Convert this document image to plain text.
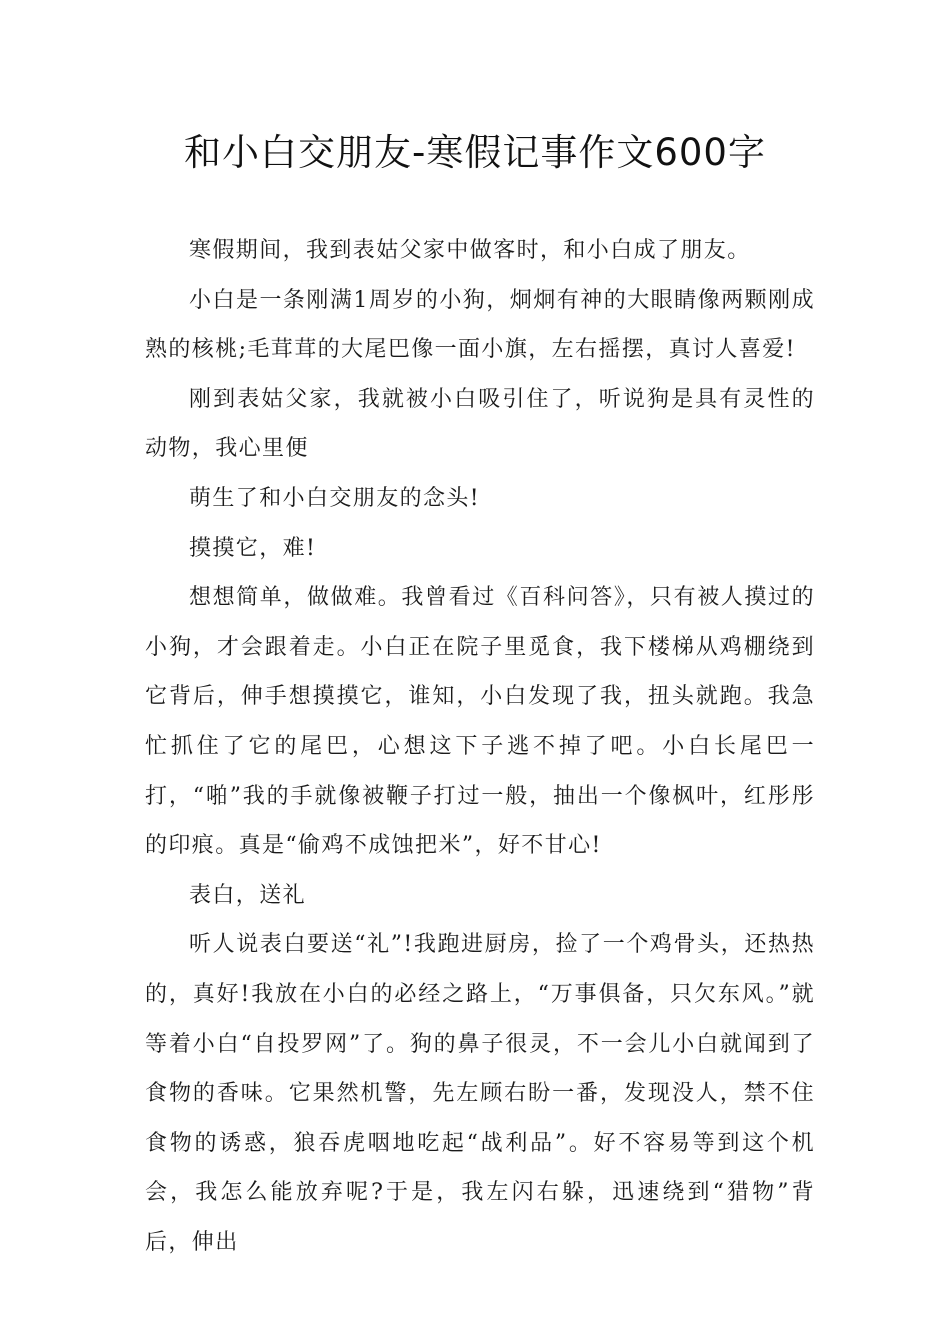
和小白交朋友-寒假记事作文600字

寒假期间，我到表姑父家中做客时，和小白成了朋友。

小白是一条刚满1周岁的小狗，炯炯有神的大眼睛像两颗刚成熟的核桃;毛茸茸的大尾巴像一面小旗，左右摇摆，真讨人喜爱!

刚到表姑父家，我就被小白吸引住了，听说狗是具有灵性的动物，我心里便

萌生了和小白交朋友的念头!

摸摸它，难!

想想简单，做做难。我曾看过《百科问答》，只有被人摸过的小狗，才会跟着走。小白正在院子里觅食，我下楼梯从鸡棚绕到它背后，伸手想摸摸它，谁知，小白发现了我，扭头就跑。我急忙抓住了它的尾巴，心想这下子逃不掉了吧。小白长尾巴一打，“啪”我的手就像被鞭子打过一般，抽出一个像枫叶，红彤彤的印痕。真是“偷鸡不成蚀把米”，好不甘心!

表白，送礼

听人说表白要送“礼”!我跑进厨房，捡了一个鸡骨头，还热热的，真好!我放在小白的必经之路上，“万事俱备，只欠东风。”就等着小白“自投罗网”了。狗的鼻子很灵，不一会儿小白就闻到了食物的香味。它果然机警，先左顾右盼一番，发现没人，禁不住食物的诱惑，狼吞虎咽地吃起“战利品”。好不容易等到这个机会，我怎么能放弃呢?于是，我左闪右躲，迅速绕到“猎物”背后，伸出
